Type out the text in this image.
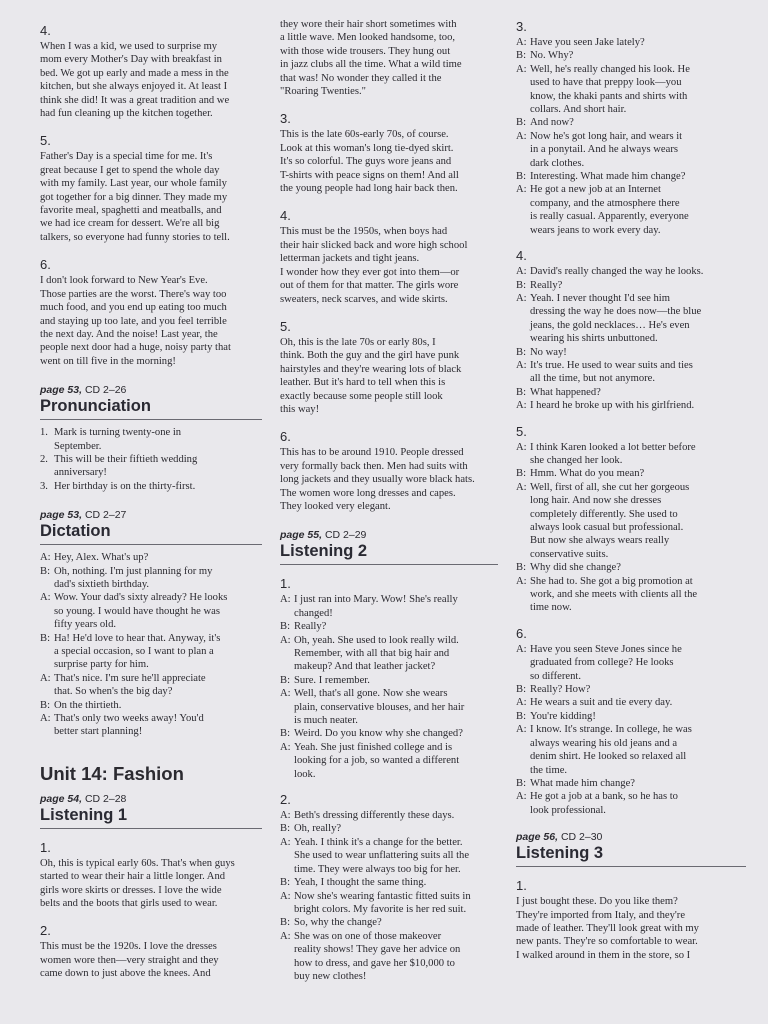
4.
When I was a kid, we used to surprise my
mom every Mother's Day with breakfast in
bed. We got up early and made a mess in the
kitchen, but she always enjoyed it. At least I
think she did! It was a great tradition and we
had fun cleaning up the kitchen together.
5.
Father's Day is a special time for me. It's
great because I get to spend the whole day
with my family. Last year, our whole family
got together for a big dinner. They made my
favorite meal, spaghetti and meatballs, and
we had ice cream for dessert. We're all big
talkers, so everyone had funny stories to tell.
6.
I don't look forward to New Year's Eve.
Those parties are the worst. There's way too
much food, and you end up eating too much
and staying up too late, and you feel terrible
the next day. And the noise! Last year, the
people next door had a huge, noisy party that
went on till five in the morning!
page 53, CD 2–26
Pronunciation
1. Mark is turning twenty-one in
September.
2. This will be their fiftieth wedding
anniversary!
3. Her birthday is on the thirty-first.
page 53, CD 2–27
Dictation
A: Hey, Alex. What's up?
B: Oh, nothing. I'm just planning for my
dad's sixtieth birthday.
A: Wow. Your dad's sixty already? He looks
so young. I would have thought he was
fifty years old.
B: Ha! He'd love to hear that. Anyway, it's
a special occasion, so I want to plan a
surprise party for him.
A: That's nice. I'm sure he'll appreciate
that. So when's the big day?
B: On the thirtieth.
A: That's only two weeks away! You'd
better start planning!
Unit 14: Fashion
page 54, CD 2–28
Listening 1
1.
Oh, this is typical early 60s. That's when guys
started to wear their hair a little longer. And
girls wore skirts or dresses. I love the wide
belts and the boots that girls used to wear.
2.
This must be the 1920s. I love the dresses
women wore then—very straight and they
came down to just above the knees. And
they wore their hair short sometimes with
a little wave. Men looked handsome, too,
with those wide trousers. They hung out
in jazz clubs all the time. What a wild time
that was! No wonder they called it the
"Roaring Twenties."
3.
This is the late 60s-early 70s, of course.
Look at this woman's long tie-dyed skirt.
It's so colorful. The guys wore jeans and
T-shirts with peace signs on them! And all
the young people had long hair back then.
4.
This must be the 1950s, when boys had
their hair slicked back and wore high school
letterman jackets and tight jeans.
I wonder how they ever got into them—or
out of them for that matter. The girls wore
sweaters, neck scarves, and wide skirts.
5.
Oh, this is the late 70s or early 80s, I
think. Both the guy and the girl have punk
hairstyles and they're wearing lots of black
leather. But it's hard to tell when this is
exactly because some people still look
this way!
6.
This has to be around 1910. People dressed
very formally back then. Men had suits with
long jackets and they usually wore black hats.
The women wore long dresses and capes.
They looked very elegant.
page 55, CD 2–29
Listening 2
1.
A: I just ran into Mary. Wow! She's really
changed!
B: Really?
A: Oh, yeah. She used to look really wild.
Remember, with all that big hair and
makeup? And that leather jacket?
B: Sure. I remember.
A: Well, that's all gone. Now she wears
plain, conservative blouses, and her hair
is much neater.
B: Weird. Do you know why she changed?
A: Yeah. She just finished college and is
looking for a job, so wanted a different
look.
2.
A: Beth's dressing differently these days.
B: Oh, really?
A: Yeah. I think it's a change for the better.
She used to wear unflattering suits all the
time. They were always too big for her.
B: Yeah, I thought the same thing.
A: Now she's wearing fantastic fitted suits in
bright colors. My favorite is her red suit.
B: So, why the change?
A: She was on one of those makeover
reality shows! They gave her advice on
how to dress, and gave her $10,000 to
buy new clothes!
3.
A: Have you seen Jake lately?
B: No. Why?
A: Well, he's really changed his look. He
used to have that preppy look—you
know, the khaki pants and shirts with
collars. And short hair.
B: And now?
A: Now he's got long hair, and wears it
in a ponytail. And he always wears
dark clothes.
B: Interesting. What made him change?
A: He got a new job at an Internet
company, and the atmosphere there
is really casual. Apparently, everyone
wears jeans to work every day.
4.
A: David's really changed the way he looks.
B: Really?
A: Yeah. I never thought I'd see him
dressing the way he does now—the blue
jeans, the gold necklaces… He's even
wearing his shirts unbuttoned.
B: No way!
A: It's true. He used to wear suits and ties
all the time, but not anymore.
B: What happened?
A: I heard he broke up with his girlfriend.
5.
A: I think Karen looked a lot better before
she changed her look.
B: Hmm. What do you mean?
A: Well, first of all, she cut her gorgeous
long hair. And now she dresses
completely differently. She used to
always look casual but professional.
But now she always wears really
conservative suits.
B: Why did she change?
A: She had to. She got a big promotion at
work, and she meets with clients all the
time now.
6.
A: Have you seen Steve Jones since he
graduated from college? He looks
so different.
B: Really? How?
A: He wears a suit and tie every day.
B: You're kidding!
A: I know. It's strange. In college, he was
always wearing his old jeans and a
denim shirt. He looked so relaxed all
the time.
B: What made him change?
A: He got a job at a bank, so he has to
look professional.
page 56, CD 2–30
Listening 3
1.
I just bought these. Do you like them?
They're imported from Italy, and they're
made of leather. They'll look great with my
new pants. They're so comfortable to wear.
I walked around in them in the store, so I
